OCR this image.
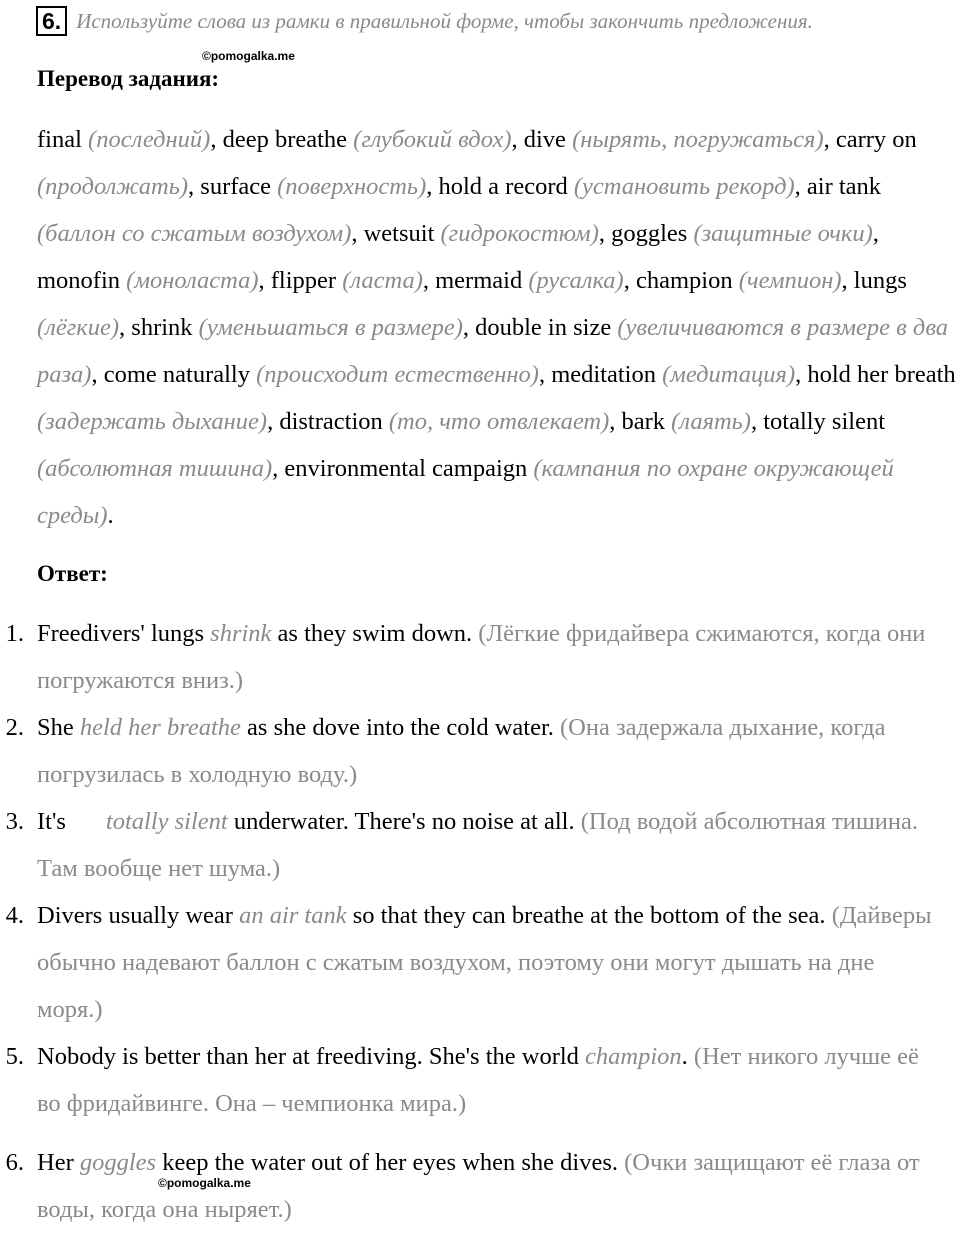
6. Используйте слова из рамки в правильной форме, чтобы закончить предложения.
©pomogalka.me
Перевод задания:
final (последний), deep breathe (глубокий вдох), dive (нырять, погружаться), carry on (продолжать), surface (поверхность), hold a record (установить рекорд), air tank (баллон со сжатым воздухом), wetsuit (гидрокостюм), goggles (защитные очки), monofin (моноласта), flipper (ласта), mermaid (русалка), champion (чемпион), lungs (лёгкие), shrink (уменьшаться в размере), double in size (увеличиваются в размере в два раза), come naturally (происходит естественно), meditation (медитация), hold her breath (задержать дыхание), distraction (то, что отвлекает), bark (лаять), totally silent (абсолютная тишина), environmental campaign (кампания по охране окружающей среды).
Ответ:
1. Freedivers' lungs shrink as they swim down. (Лёгкие фридайвера сжимаются, когда они погружаются вниз.)
2. She held her breathe as she dove into the cold water. (Она задержала дыхание, когда погрузилась в холодную воду.)
3. It's totally silent underwater. There's no noise at all. (Под водой абсолютная тишина. Там вообще нет шума.)
4. Divers usually wear an air tank so that they can breathe at the bottom of the sea. (Дайверы обычно надевают баллон с сжатым воздухом, поэтому они могут дышать на дне моря.)
5. Nobody is better than her at freediving. She's the world champion. (Нет никого лучше её во фридайвинге. Она – чемпионка мира.)
6. Her goggles keep the water out of her eyes when she dives. (Очки защищают её глаза от воды, когда она ныряет.)
©pomogalka.me
